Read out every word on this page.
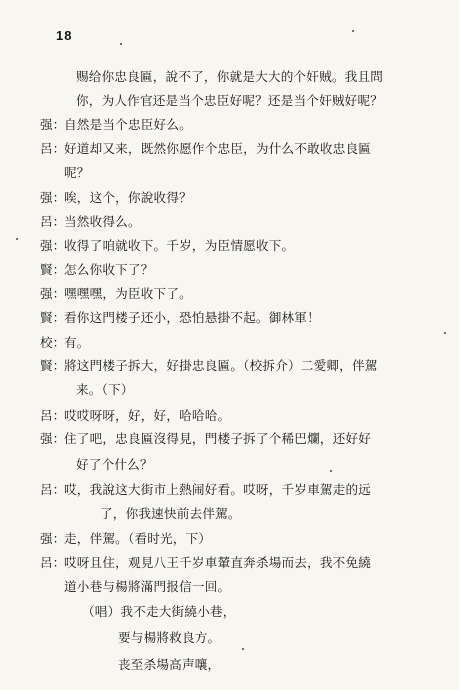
18
赐给你忠良匾，說不了，你就是大大的个奸贼。我且問
你，为人作官还是当个忠臣好呢？还是当个奸贼好呢？
强：
自然是当个忠臣好么。
呂：
好道却又来，既然你愿作个忠臣，为什么不敢收忠良匾
呢？
强：
唉，这个，你說收得？
呂：
当然收得么。
强：
收得了咱就收下。千岁，为臣情愿收下。
賢：
怎么你收下了？
强：
嘿嘿嘿，为臣收下了。
賢：
看你这門楼子还小，恐怕悬掛不起。御林軍！
校：
有。
賢：
將这門楼子拆大，好掛忠良匾。（校拆介）二愛卿，伴駕
来。（下）
呂：
哎哎呀呀，好，好，哈哈哈。
强：
住了吧，忠良匾沒得見，門楼子拆了个稀巴爛，还好好
好了个什么？
呂：
哎，我說这大街市上熱闹好看。哎呀，千岁車駕走的远
了，你我速快前去伴駕。
强：
走，伴駕。（看时光，下）
呂：
哎呀且住，观見八王千岁車輦直奔杀場而去，我不免繞
道小巷与楊將滿門报信一回。
（唱）我不走大街繞小巷，
要与楊將救良方。
丧至杀場高声嚷，
